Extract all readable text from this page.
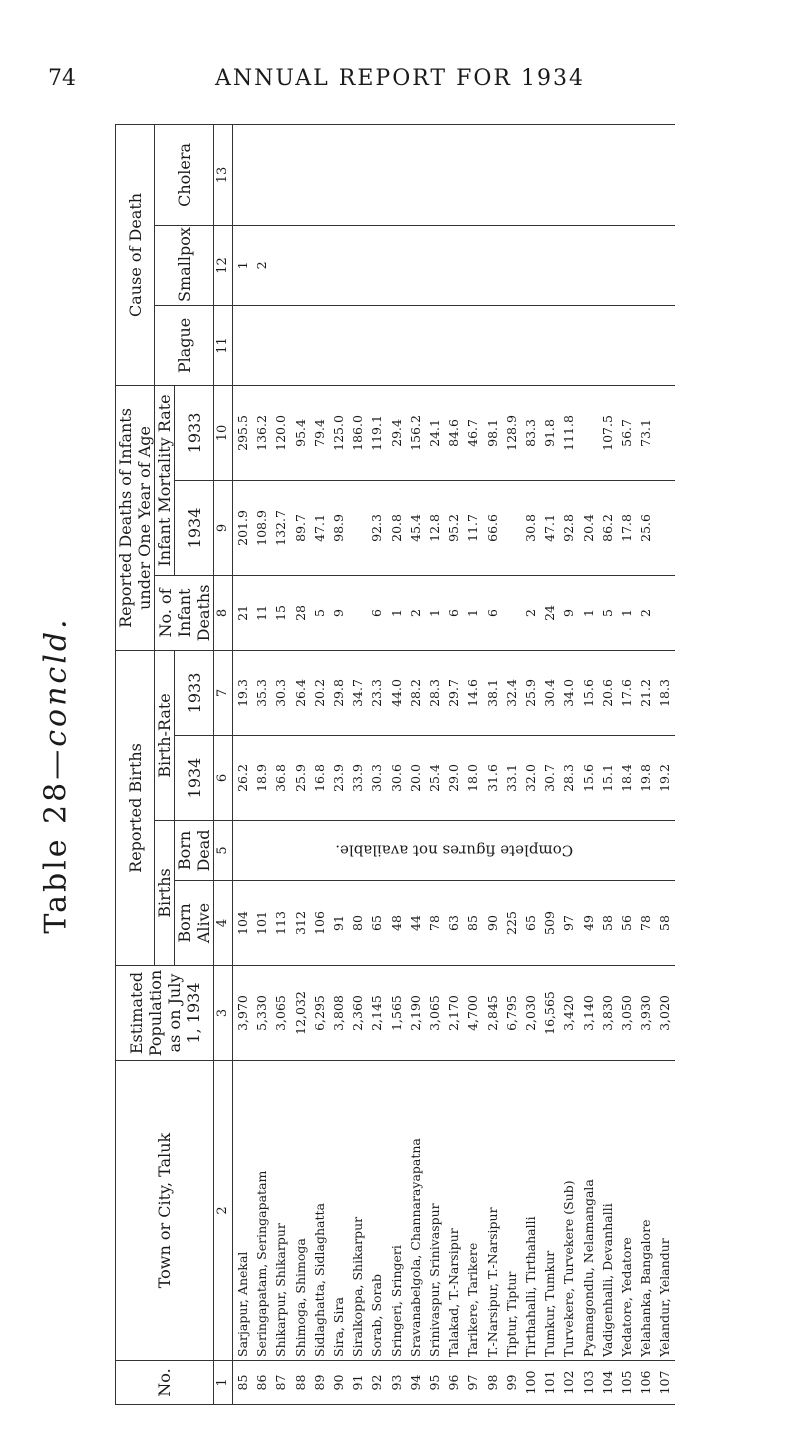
74	ANNUAL REPORT FOR 1934
Table 28—concld.
No.	Town or City, Taluk	Estimated Population as on July 1, 1934	Reported Births				Reported Deaths of Infants under One Year of Age			Cause of Death		
			Births		Birth-Rate		No. of Infant Deaths	Infant Mortality Rate		Plague	Smallpox	Cholera
			Born Alive	Born Dead	1934	1933		1934	1933			
1	2	3	4	5	6	7	8	9	10	11	12	13
85	Sarjapur, Anekal	3,970	104	Complete figures not available.	26.2	19.3	21	201.9	295.5		1	
86	Seringapatam, Seringapatam	5,330	101		18.9	35.3	11	108.9	136.2		2	
87	Shikarpur, Shikarpur	3,065	113		36.8	30.3	15	132.7	120.0			
88	Shimoga, Shimoga	12,032	312		25.9	26.4	28	89.7	95.4			
89	Sidlaghatta, Sidlaghatta	6,295	106		16.8	20.2	5	47.1	79.4			
90	Sira, Sira	3,808	91		23.9	29.8	9	98.9	125.0			
91	Siralkoppa, Shikarpur	2,360	80		33.9	34.7			186.0			
92	Sorab, Sorab	2,145	65		30.3	23.3	6	92.3	119.1			
93	Sringeri, Sringeri	1,565	48		30.6	44.0	1	20.8	29.4			
94	Sravanabelgola, Channarayapatna	2,190	44		20.0	28.2	2	45.4	156.2			
95	Srinivaspur, Srinivaspur	3,065	78		25.4	28.3	1	12.8	24.1			
96	Talakad, T.-Narsipur	2,170	63		29.0	29.7	6	95.2	84.6			
97	Tarikere, Tarikere	4,700	85		18.0	14.6	1	11.7	46.7			
98	T.-Narsipur, T.-Narsipur	2,845	90		31.6	38.1	6	66.6	98.1			
99	Tiptur, Tiptur	6,795	225		33.1	32.4			128.9			
100	Tirthahalli, Tirthahalli	2,030	65		32.0	25.9	2	30.8	83.3			
101	Tumkur, Tumkur	16,565	509		30.7	30.4	24	47.1	91.8			
102	Turvekere, Turvekere (Sub)	3,420	97		28.3	34.0	9	92.8	111.8			
103	Pyamagondlu, Nelamangala	3,140	49		15.6	15.6	1	20.4				
104	Vadigenhalli, Devanhalli	3,830	58		15.1	20.6	5	86.2	107.5			
105	Yedatore, Yedatore	3,050	56		18.4	17.6	1	17.8	56.7			
106	Yelahanka, Bangalore	3,930	78		19.8	21.2	2	25.6	73.1			
107	Yelandur, Yelandur	3,020	58		19.2	18.3						
